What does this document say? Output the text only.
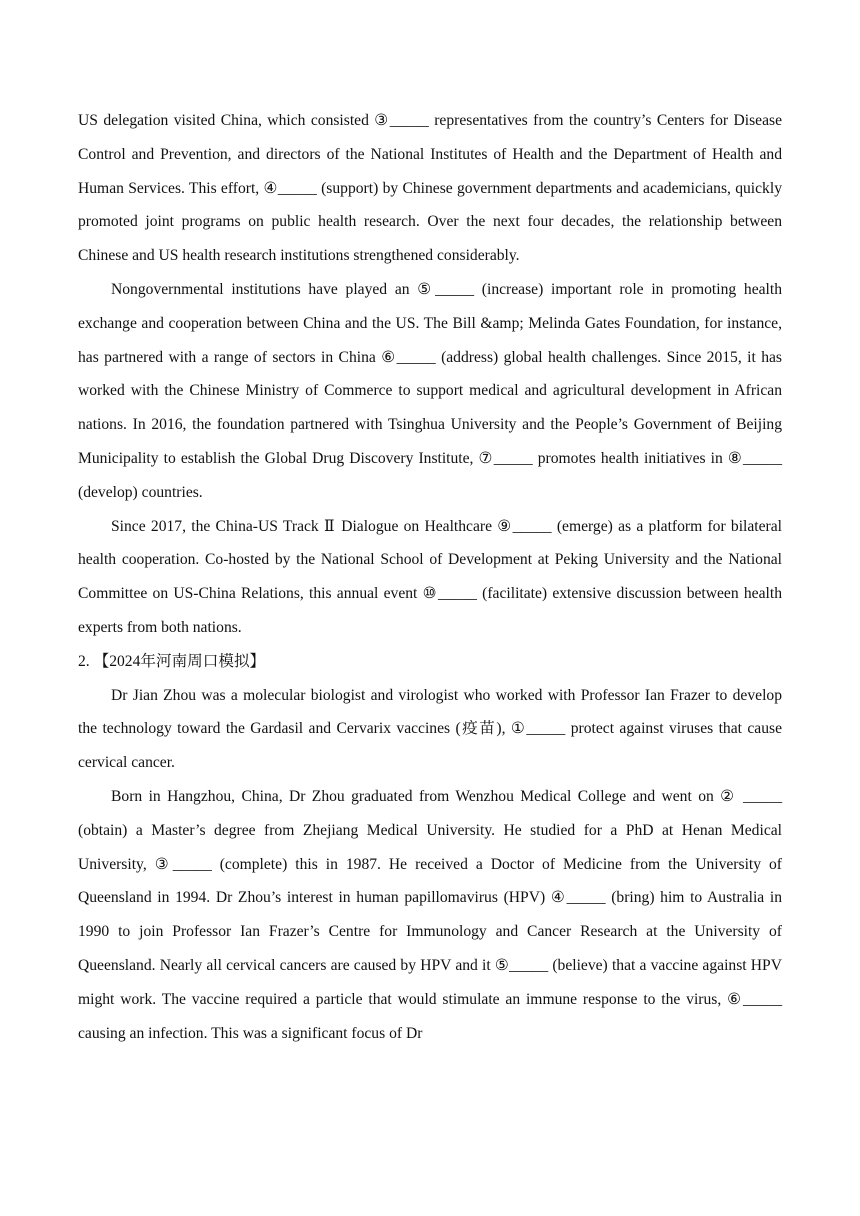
US delegation visited China, which consisted ③_____ representatives from the country’s Centers for Disease Control and Prevention, and directors of the National Institutes of Health and the Department of Health and Human Services. This effort, ④_____ (support) by Chinese government departments and academicians, quickly promoted joint programs on public health research. Over the next four decades, the relationship between Chinese and US health research institutions strengthened considerably.

Nongovernmental institutions have played an ⑤_____ (increase) important role in promoting health exchange and cooperation between China and the US. The Bill &amp; Melinda Gates Foundation, for instance, has partnered with a range of sectors in China ⑥_____ (address) global health challenges. Since 2015, it has worked with the Chinese Ministry of Commerce to support medical and agricultural development in African nations. In 2016, the foundation partnered with Tsinghua University and the People’s Government of Beijing Municipality to establish the Global Drug Discovery Institute, ⑦_____ promotes health initiatives in ⑧_____ (develop) countries.

Since 2017, the China-US Track Ⅱ Dialogue on Healthcare ⑨_____ (emerge) as a platform for bilateral health cooperation. Co-hosted by the National School of Development at Peking University and the National Committee on US-China Relations, this annual event ⑩_____ (facilitate) extensive discussion between health experts from both nations.

2. 【2024年河南周口模拟】

Dr Jian Zhou was a molecular biologist and virologist who worked with Professor Ian Frazer to develop the technology toward the Gardasil and Cervarix vaccines (疫苗), ①_____ protect against viruses that cause cervical cancer.

Born in Hangzhou, China, Dr Zhou graduated from Wenzhou Medical College and went on ② _____ (obtain) a Master’s degree from Zhejiang Medical University. He studied for a PhD at Henan Medical University, ③_____ (complete) this in 1987. He received a Doctor of Medicine from the University of Queensland in 1994. Dr Zhou’s interest in human papillomavirus (HPV) ④_____ (bring) him to Australia in 1990 to join Professor Ian Frazer’s Centre for Immunology and Cancer Research at the University of Queensland. Nearly all cervical cancers are caused by HPV and it ⑤_____ (believe) that a vaccine against HPV might work. The vaccine required a particle that would stimulate an immune response to the virus, ⑥_____ causing an infection. This was a significant focus of Dr
